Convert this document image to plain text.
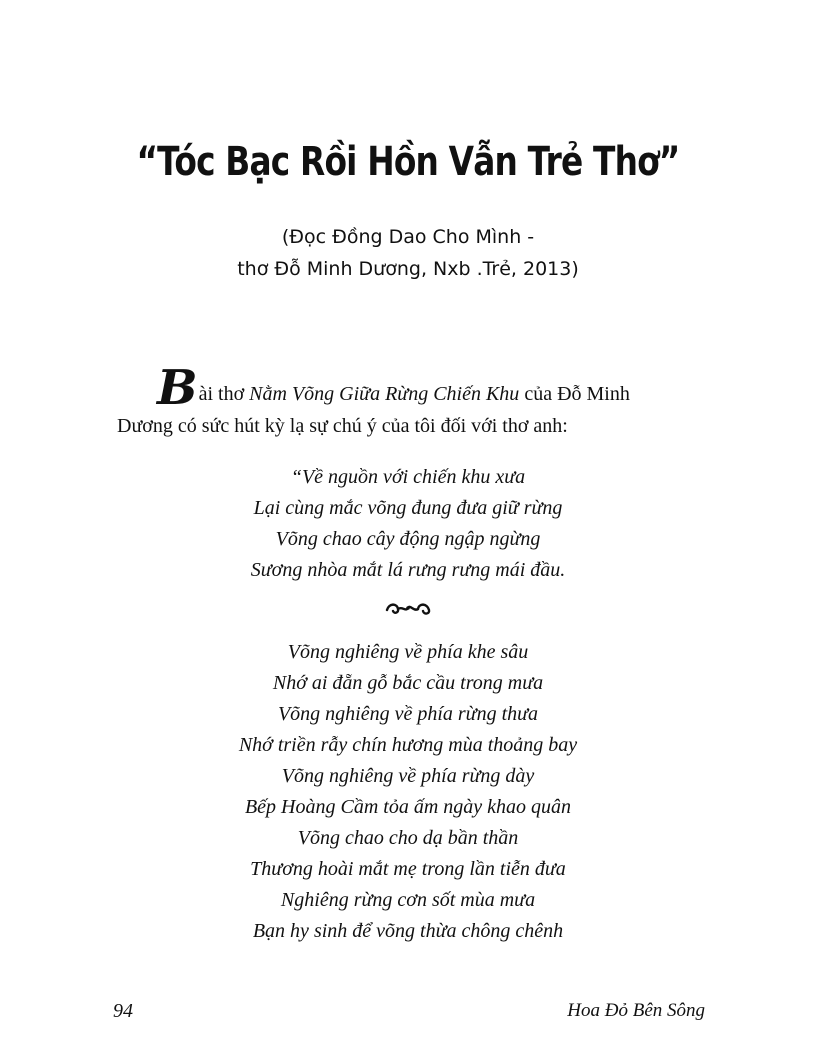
“Tóc Bạc Rồi Hồn Vẫn Trẻ Thơ”
(Đọc Đồng Dao Cho Mình -
thơ Đỗ Minh Dương, Nxb .Trẻ, 2013)
Bài thơ Nằm Võng Giữa Rừng Chiến Khu của Đỗ Minh
Dương có sức hút kỳ lạ sự chú ý của tôi đối với thơ anh:
“Về nguồn với chiến khu xưa
Lại cùng mắc võng đung đưa giữ rừng
Võng chao cây động ngập ngừng
Sương nhòa mắt lá rưng rưng mái đầu.
Võng nghiêng về phía khe sâu
Nhớ ai đẵn gỗ bắc cầu trong mưa
Võng nghiêng về phía rừng thưa
Nhớ triền rẫy chín hương mùa thoảng bay
Võng nghiêng về phía rừng dày
Bếp Hoàng Cầm tỏa ấm ngày khao quân
Võng chao cho dạ bần thần
Thương hoài mắt mẹ trong lần tiễn đưa
Nghiêng rừng cơn sốt mùa mưa
Bạn hy sinh để võng thừa chông chênh
94	Hoa Đỏ Bên Sông
